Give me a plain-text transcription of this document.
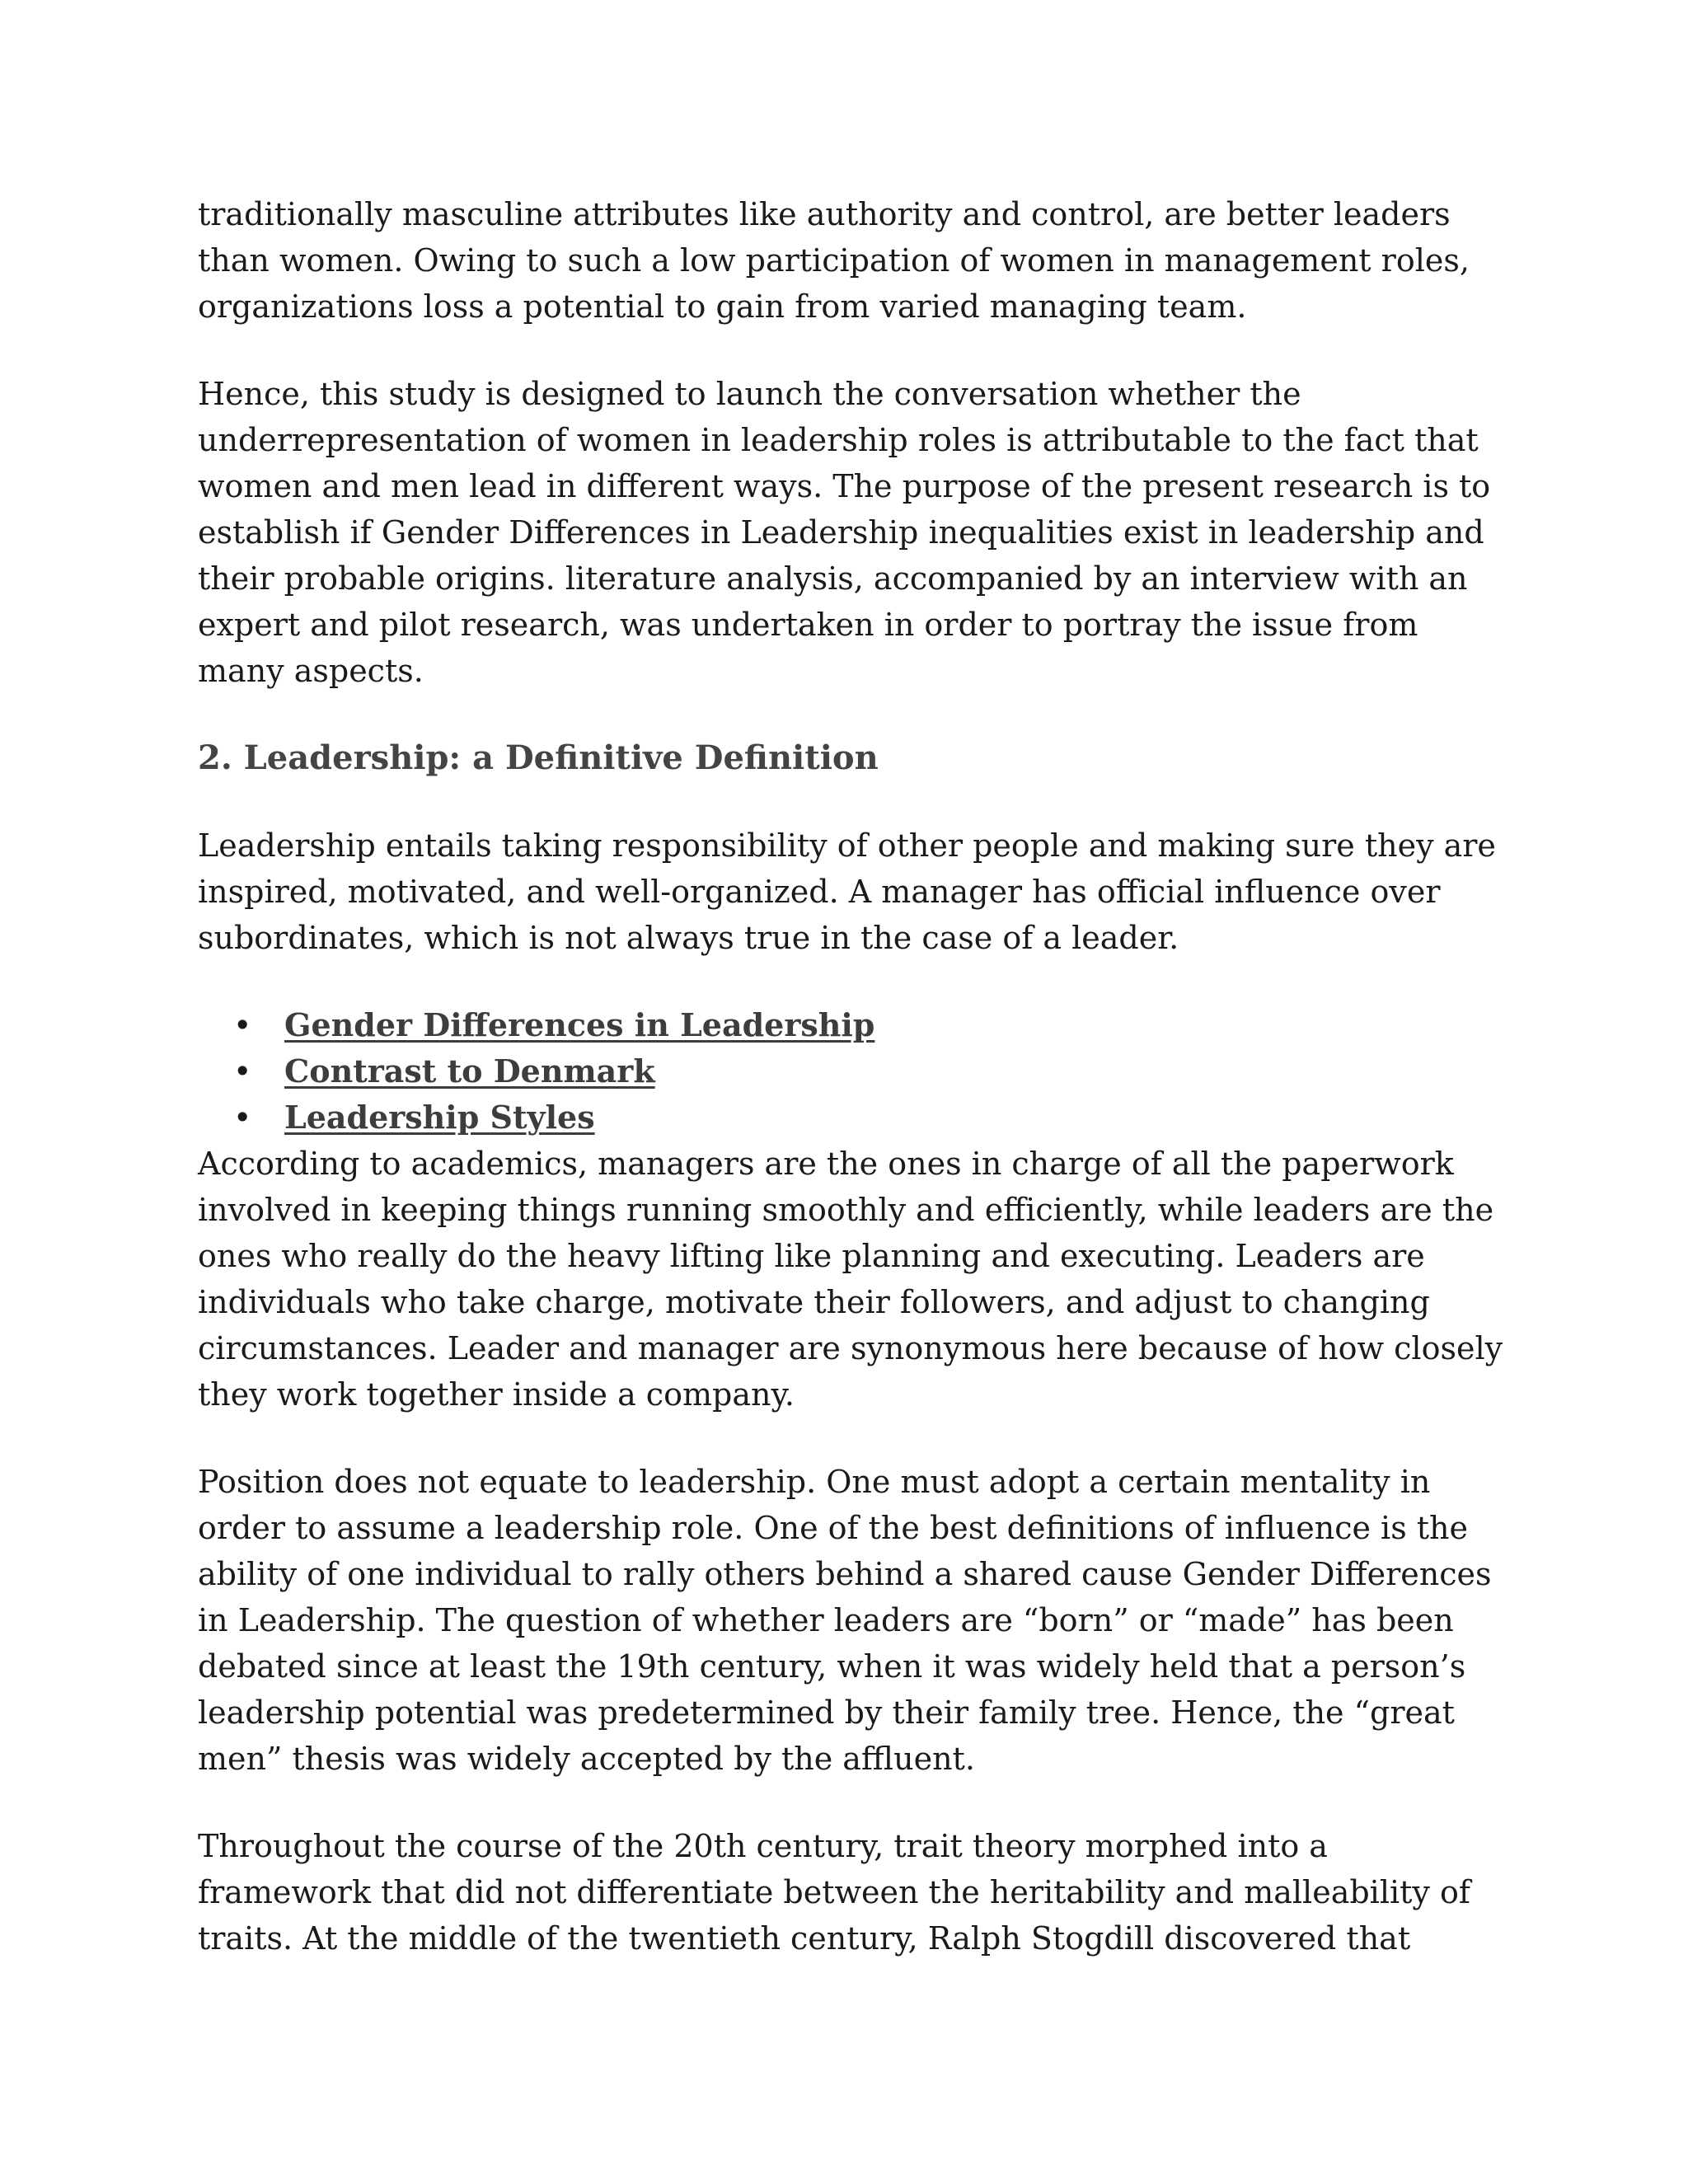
traditionally masculine attributes like authority and control, are better leaders than women. Owing to such a low participation of women in management roles, organizations loss a potential to gain from varied managing team.

Hence, this study is designed to launch the conversation whether the underrepresentation of women in leadership roles is attributable to the fact that women and men lead in different ways. The purpose of the present research is to establish if Gender Differences in Leadership inequalities exist in leadership and their probable origins. literature analysis, accompanied by an interview with an expert and pilot research, was undertaken in order to portray the issue from many aspects.

2. Leadership: a Definitive Definition

Leadership entails taking responsibility of other people and making sure they are inspired, motivated, and well-organized. A manager has official influence over subordinates, which is not always true in the case of a leader.

• Gender Differences in Leadership
• Contrast to Denmark
• Leadership Styles

According to academics, managers are the ones in charge of all the paperwork involved in keeping things running smoothly and efficiently, while leaders are the ones who really do the heavy lifting like planning and executing. Leaders are individuals who take charge, motivate their followers, and adjust to changing circumstances. Leader and manager are synonymous here because of how closely they work together inside a company.

Position does not equate to leadership. One must adopt a certain mentality in order to assume a leadership role. One of the best definitions of influence is the ability of one individual to rally others behind a shared cause Gender Differences in Leadership. The question of whether leaders are “born” or “made” has been debated since at least the 19th century, when it was widely held that a person’s leadership potential was predetermined by their family tree. Hence, the “great men” thesis was widely accepted by the affluent.

Throughout the course of the 20th century, trait theory morphed into a framework that did not differentiate between the heritability and malleability of traits. At the middle of the twentieth century, Ralph Stogdill discovered that
